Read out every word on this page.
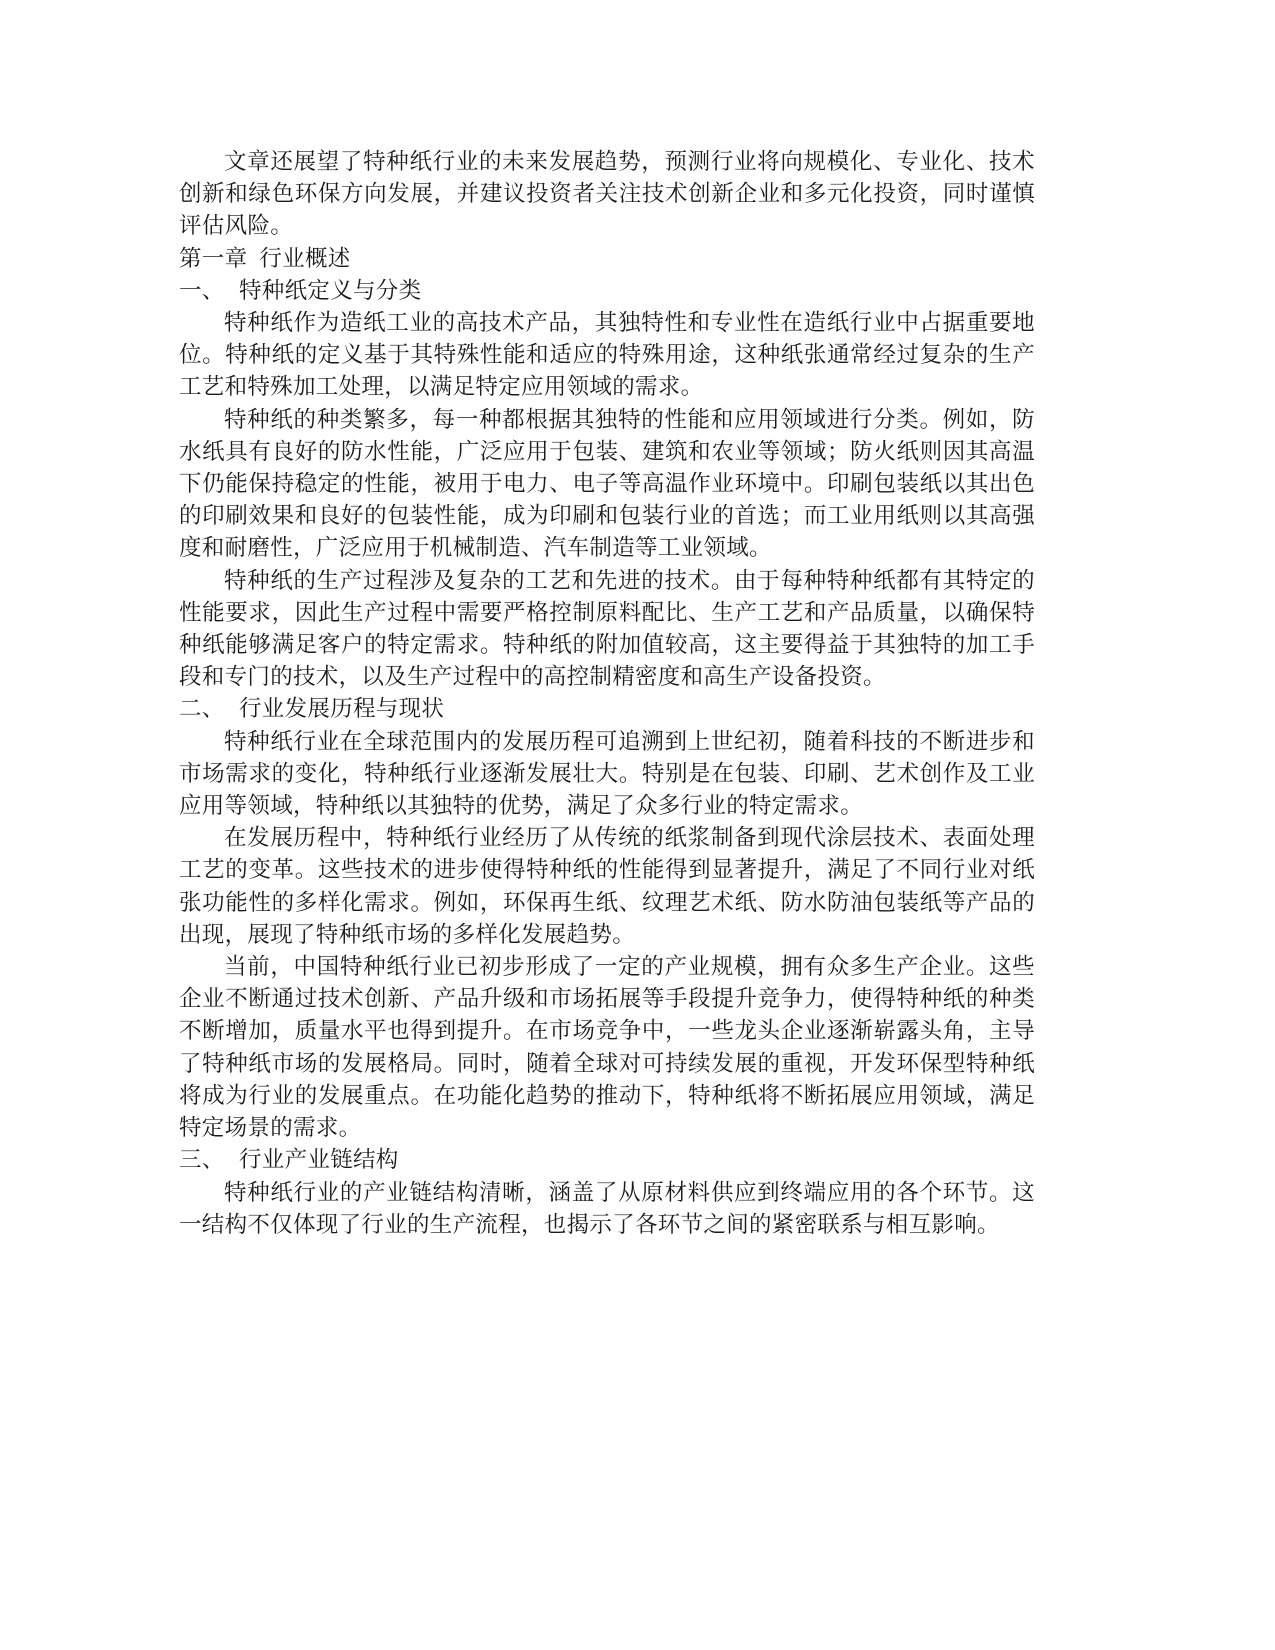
文章还展望了特种纸行业的未来发展趋势，预测行业将向规模化、专业化、技术创新和绿色环保方向发展，并建议投资者关注技术创新企业和多元化投资，同时谨慎评估风险。

第一章 行业概述

一、 特种纸定义与分类

特种纸作为造纸工业的高技术产品，其独特性和专业性在造纸行业中占据重要地位。特种纸的定义基于其特殊性能和适应的特殊用途，这种纸张通常经过复杂的生产工艺和特殊加工处理，以满足特定应用领域的需求。

特种纸的种类繁多，每一种都根据其独特的性能和应用领域进行分类。例如，防水纸具有良好的防水性能，广泛应用于包装、建筑和农业等领域；防火纸则因其高温下仍能保持稳定的性能，被用于电力、电子等高温作业环境中。印刷包装纸以其出色的印刷效果和良好的包装性能，成为印刷和包装行业的首选；而工业用纸则以其高强度和耐磨性，广泛应用于机械制造、汽车制造等工业领域。

特种纸的生产过程涉及复杂的工艺和先进的技术。由于每种特种纸都有其特定的性能要求，因此生产过程中需要严格控制原料配比、生产工艺和产品质量，以确保特种纸能够满足客户的特定需求。特种纸的附加值较高，这主要得益于其独特的加工手段和专门的技术，以及生产过程中的高控制精密度和高生产设备投资。

二、 行业发展历程与现状

特种纸行业在全球范围内的发展历程可追溯到上世纪初，随着科技的不断进步和市场需求的变化，特种纸行业逐渐发展壮大。特别是在包装、印刷、艺术创作及工业应用等领域，特种纸以其独特的优势，满足了众多行业的特定需求。

在发展历程中，特种纸行业经历了从传统的纸浆制备到现代涂层技术、表面处理工艺的变革。这些技术的进步使得特种纸的性能得到显著提升，满足了不同行业对纸张功能性的多样化需求。例如，环保再生纸、纹理艺术纸、防水防油包装纸等产品的出现，展现了特种纸市场的多样化发展趋势。

当前，中国特种纸行业已初步形成了一定的产业规模，拥有众多生产企业。这些企业不断通过技术创新、产品升级和市场拓展等手段提升竞争力，使得特种纸的种类不断增加，质量水平也得到提升。在市场竞争中，一些龙头企业逐渐崭露头角，主导了特种纸市场的发展格局。同时，随着全球对可持续发展的重视，开发环保型特种纸将成为行业的发展重点。在功能化趋势的推动下，特种纸将不断拓展应用领域，满足特定场景的需求。

三、 行业产业链结构

特种纸行业的产业链结构清晰，涵盖了从原材料供应到终端应用的各个环节。这一结构不仅体现了行业的生产流程，也揭示了各环节之间的紧密联系与相互影响。
